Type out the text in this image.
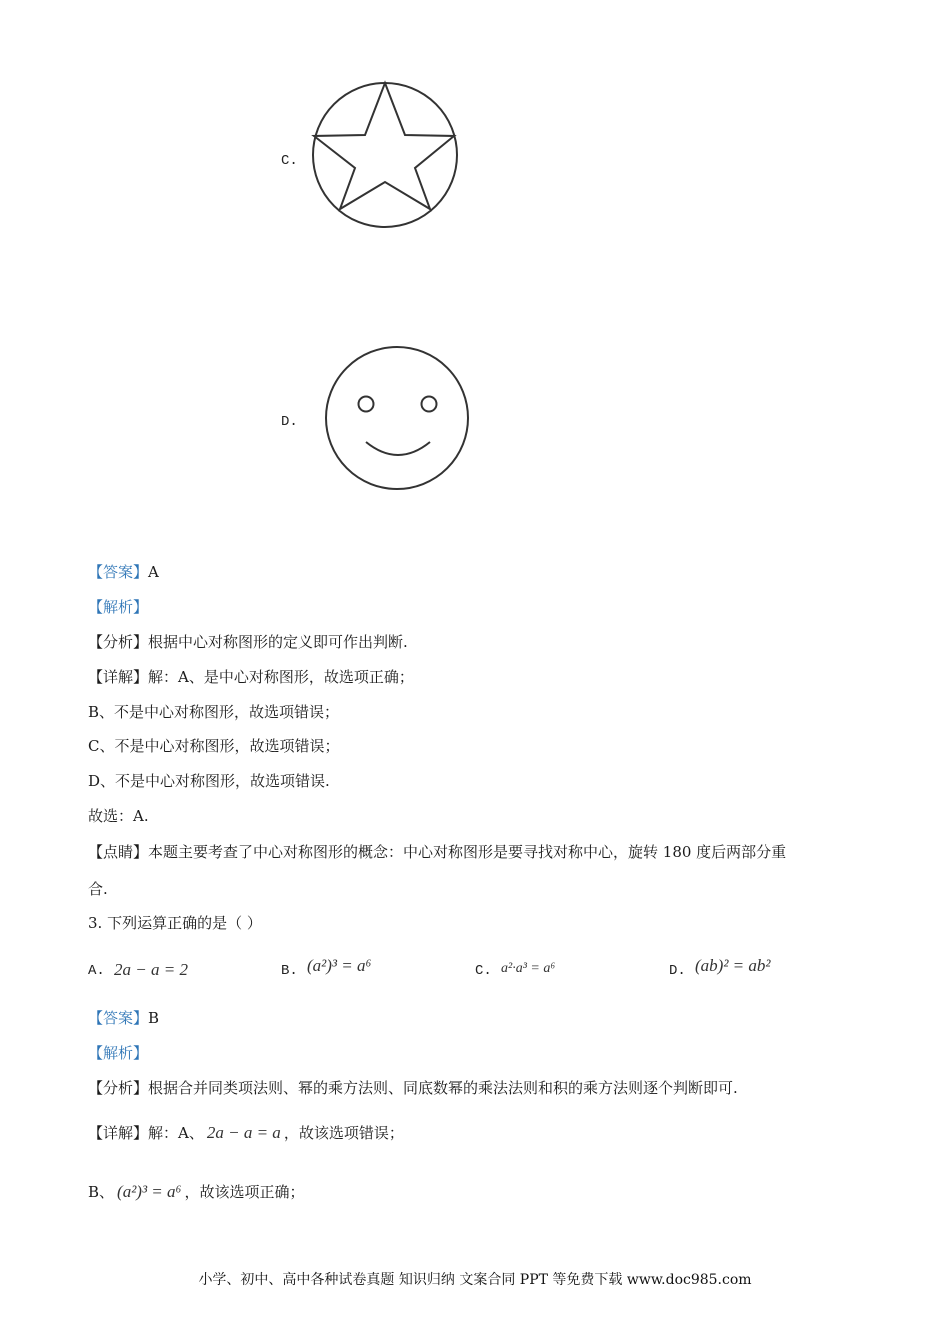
C.
D.
【答案】A
【解析】
【分析】根据中心对称图形的定义即可作出判断.
【详解】解：A、是中心对称图形，故选项正确；
B、不是中心对称图形，故选项错误；
C、不是中心对称图形，故选项错误；
D、不是中心对称图形，故选项错误.
故选：A.
【点睛】本题主要考查了中心对称图形的概念：中心对称图形是要寻找对称中心，旋转 180 度后两部分重
合.
3. 下列运算正确的是（ ）
A. 2a − a = 2	B. (a²)³ = a⁶	C. a²·a³ = a⁶	D. (ab)² = ab²
【答案】B
【解析】
【分析】根据合并同类项法则、幂的乘方法则、同底数幂的乘法法则和积的乘方法则逐个判断即可.
【详解】解：A、 2a − a = a ，故该选项错误；
B、 (a²)³ = a⁶ ，故该选项正确；
小学、初中、高中各种试卷真题 知识归纳 文案合同 PPT 等免费下载 www.doc985.com
